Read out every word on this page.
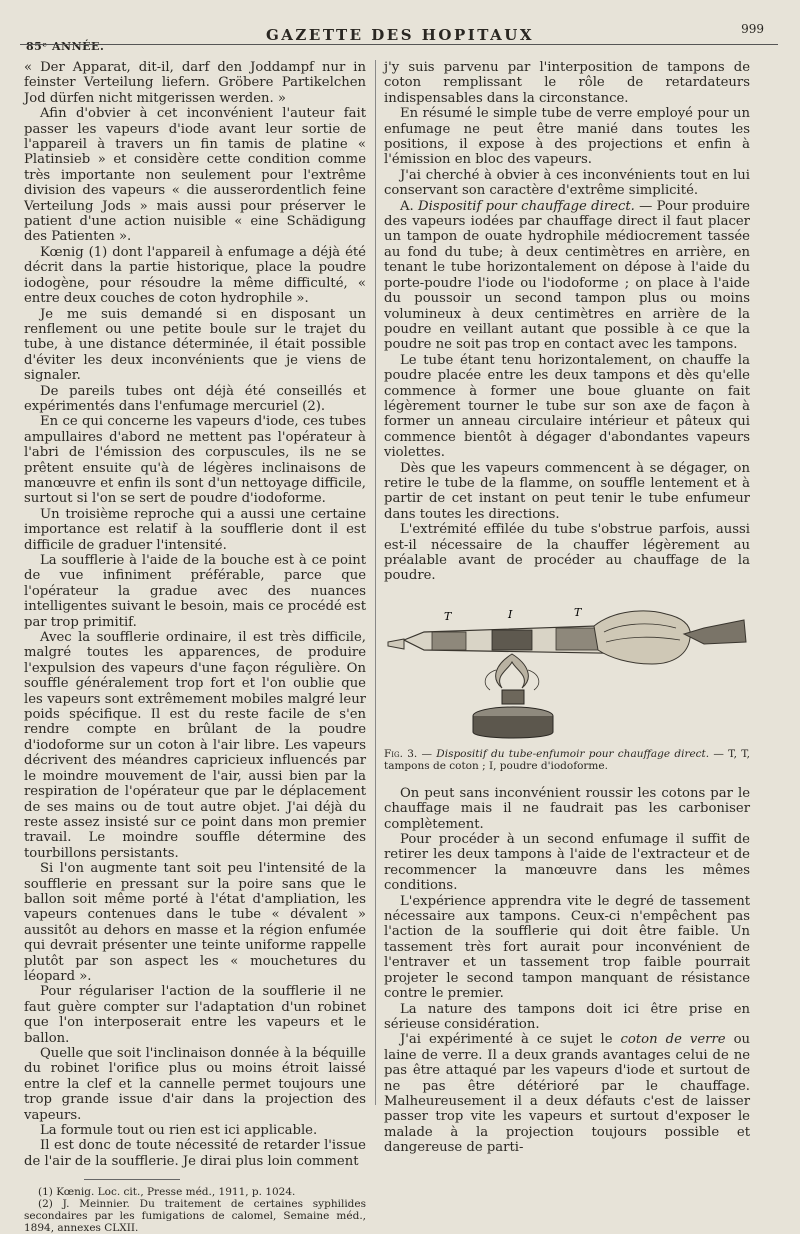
85ᵉ ANNÉE.
GAZETTE DES HOPITAUX	999

« Der Apparat, dit-il, darf den Joddampf nur in feinster Verteilung liefern. Gröbere Partikelchen Jod dürfen nicht mitgerissen werden. »

Afin d'obvier à cet inconvénient l'auteur fait passer les vapeurs d'iode avant leur sortie de l'appareil à travers un fin tamis de platine « Platinsieb » et considère cette condition comme très importante non seulement pour l'extrême division des vapeurs « die ausserordentlich feine Verteilung Jods » mais aussi pour préserver le patient d'une action nuisible « eine Schädigung des Patienten ».

Kœnig (1) dont l'appareil à enfumage a déjà été décrit dans la partie historique, place la poudre iodogène, pour résoudre la même difficulté, « entre deux couches de coton hydrophile ».

Je me suis demandé si en disposant un renflement ou une petite boule sur le trajet du tube, à une distance déterminée, il était possible d'éviter les deux inconvénients que je viens de signaler.

De pareils tubes ont déjà été conseillés et expérimentés dans l'enfumage mercuriel (2).

En ce qui concerne les vapeurs d'iode, ces tubes ampullaires d'abord ne mettent pas l'opérateur à l'abri de l'émission des corpuscules, ils ne se prêtent ensuite qu'à de légères inclinaisons de manœuvre et enfin ils sont d'un nettoyage difficile, surtout si l'on se sert de poudre d'iodoforme.

Un troisième reproche qui a aussi une certaine importance est relatif à la soufflerie dont il est difficile de graduer l'intensité.

La soufflerie à l'aide de la bouche est à ce point de vue infiniment préférable, parce que l'opérateur la gradue avec des nuances intelligentes suivant le besoin, mais ce procédé est par trop primitif.

Avec la soufflerie ordinaire, il est très difficile, malgré toutes les apparences, de produire l'expulsion des vapeurs d'une façon régulière. On souffle généralement trop fort et l'on oublie que les vapeurs sont extrêmement mobiles malgré leur poids spécifique. Il est du reste facile de s'en rendre compte en brûlant de la poudre d'iodoforme sur un coton à l'air libre. Les vapeurs décrivent des méandres capricieux influencés par le moindre mouvement de l'air, aussi bien par la respiration de l'opérateur que par le déplacement de ses mains ou de tout autre objet. J'ai déjà du reste assez insisté sur ce point dans mon premier travail. Le moindre souffle détermine des tourbillons persistants.

Si l'on augmente tant soit peu l'intensité de la soufflerie en pressant sur la poire sans que le ballon soit même porté à l'état d'ampliation, les vapeurs contenues dans le tube « dévalent » aussitôt au dehors en masse et la région enfumée qui devrait présenter une teinte uniforme rappelle plutôt par son aspect les « mouchetures du léopard ».

Pour régulariser l'action de la soufflerie il ne faut guère compter sur l'adaptation d'un robinet que l'on interposerait entre les vapeurs et le ballon.

Quelle que soit l'inclinaison donnée à la béquille du robinet l'orifice plus ou moins étroit laissé entre la clef et la cannelle permet toujours une trop grande issue d'air dans la projection des vapeurs.

La formule tout ou rien est ici applicable.

Il est donc de toute nécessité de retarder l'issue de l'air de la soufflerie. Je dirai plus loin comment

(1) Kœnig. Loc. cit., Presse méd., 1911, p. 1024.

(2) J. Meinnier. Du traitement de certaines syphilides secondaires par les fumigations de calomel, Semaine méd., 1894, annexes CLXII.

j'y suis parvenu par l'interposition de tampons de coton remplissant le rôle de retardateurs indispensables dans la circonstance.

En résumé le simple tube de verre employé pour un enfumage ne peut être manié dans toutes les positions, il expose à des projections et enfin à l'émission en bloc des vapeurs.

J'ai cherché à obvier à ces inconvénients tout en lui conservant son caractère d'extrême simplicité.

A. Dispositif pour chauffage direct. — Pour produire des vapeurs iodées par chauffage direct il faut placer un tampon de ouate hydrophile médiocrement tassée au fond du tube; à deux centimètres en arrière, en tenant le tube horizontalement on dépose à l'aide du porte-poudre l'iode ou l'iodoforme ; on place à l'aide du poussoir un second tampon plus ou moins volumineux à deux centimètres en arrière de la poudre en veillant autant que possible à ce que la poudre ne soit pas trop en contact avec les tampons.

Le tube étant tenu horizontalement, on chauffe la poudre placée entre les deux tampons et dès qu'elle commence à former une boue gluante on fait légèrement tourner le tube sur son axe de façon à former un anneau circulaire intérieur et pâteux qui commence bientôt à dégager d'abondantes vapeurs violettes.

Dès que les vapeurs commencent à se dégager, on retire le tube de la flamme, on souffle lentement et à partir de cet instant on peut tenir le tube enfumeur dans toutes les directions.

L'extrémité effilée du tube s'obstrue parfois, aussi est-il nécessaire de la chauffer légèrement au préalable avant de procéder au chauffage de la poudre.

T	I	T

Fig. 3. — Dispositif du tube-enfumoir pour chauffage direct. — T, T, tampons de coton ; I, poudre d'iodoforme.

On peut sans inconvénient roussir les cotons par le chauffage mais il ne faudrait pas les carboniser complètement.

Pour procéder à un second enfumage il suffit de retirer les deux tampons à l'aide de l'extracteur et de recommencer la manœuvre dans les mêmes conditions.

L'expérience apprendra vite le degré de tassement nécessaire aux tampons. Ceux-ci n'empêchent pas l'action de la soufflerie qui doit être faible. Un tassement très fort aurait pour inconvénient de l'entraver et un tassement trop faible pourrait projeter le second tampon manquant de résistance contre le premier.

La nature des tampons doit ici être prise en sérieuse considération.

J'ai expérimenté à ce sujet le coton de verre ou laine de verre. Il a deux grands avantages celui de ne pas être attaqué par les vapeurs d'iode et surtout de ne pas être détérioré par le chauffage. Malheureusement il a deux défauts c'est de laisser passer trop vite les vapeurs et surtout d'exposer le malade à la projection toujours possible et dangereuse de parti-
